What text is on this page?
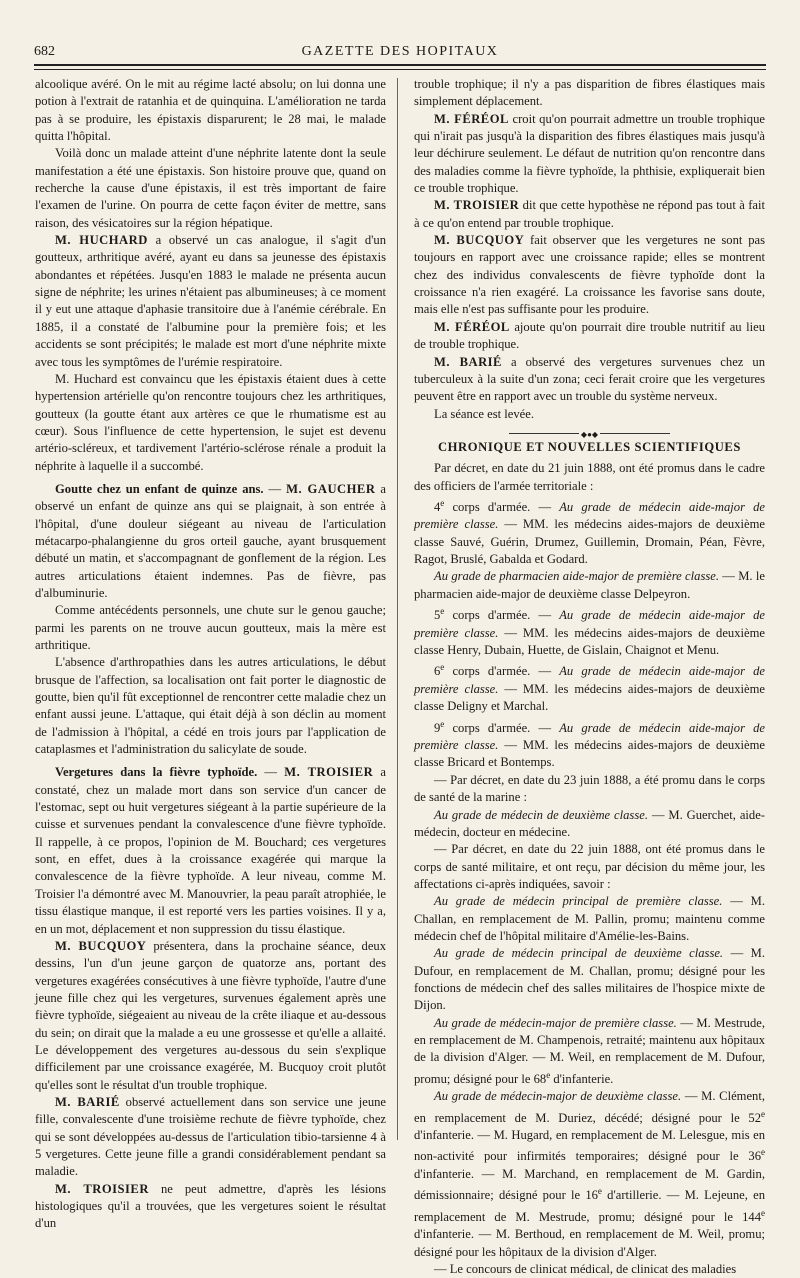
682	GAZETTE DES HOPITAUX

alcoolique avéré. On le mit au régime lacté absolu; on lui donna une potion à l'extrait de ratanhia et de quinquina. L'amélioration ne tarda pas à se produire, les épistaxis disparurent; le 28 mai, le malade quitta l'hôpital.

Voilà donc un malade atteint d'une néphrite latente dont la seule manifestation a été une épistaxis. Son histoire prouve que, quand on recherche la cause d'une épistaxis, il est très important de faire l'examen de l'urine. On pourra de cette façon éviter de mettre, sans raison, des vésicatoires sur la région hépatique.

M. HUCHARD a observé un cas analogue, il s'agit d'un goutteux, arthritique avéré, ayant eu dans sa jeunesse des épistaxis abondantes et répétées. Jusqu'en 1883 le malade ne présenta aucun signe de néphrite; les urines n'étaient pas albumineuses; à ce moment il y eut une attaque d'aphasie transitoire due à l'anémie cérébrale. En 1885, il a constaté de l'albumine pour la première fois; et les accidents se sont précipités; le malade est mort d'une néphrite mixte avec tous les symptômes de l'urémie respiratoire.

M. Huchard est convaincu que les épistaxis étaient dues à cette hypertension artérielle qu'on rencontre toujours chez les arthritiques, goutteux (la goutte étant aux artères ce que le rhumatisme est au cœur). Sous l'influence de cette hypertension, le sujet est devenu artério-scléreux, et tardivement l'artério-sclérose rénale a produit la néphrite à laquelle il a succombé.

Goutte chez un enfant de quinze ans. — M. GAUCHER a observé un enfant de quinze ans qui se plaignait, à son entrée à l'hôpital, d'une douleur siégeant au niveau de l'articulation métacarpo-phalangienne du gros orteil gauche, ayant brusquement débuté un matin, et s'accompagnant de gonflement de la région. Les autres articulations étaient indemnes. Pas de fièvre, pas d'albuminurie.

Comme antécédents personnels, une chute sur le genou gauche; parmi les parents on ne trouve aucun goutteux, mais la mère est arthritique.

L'absence d'arthropathies dans les autres articulations, le début brusque de l'affection, sa localisation ont fait porter le diagnostic de goutte, bien qu'il fût exceptionnel de rencontrer cette maladie chez un enfant aussi jeune. L'attaque, qui était déjà à son déclin au moment de l'admission à l'hôpital, a cédé en trois jours par l'application de cataplasmes et l'administration du salicylate de soude.

Vergetures dans la fièvre typhoïde. — M. TROISIER a constaté, chez un malade mort dans son service d'un cancer de l'estomac, sept ou huit vergetures siégeant à la partie supérieure de la cuisse et survenues pendant la convalescence d'une fièvre typhoïde. Il rappelle, à ce propos, l'opinion de M. Bouchard; ces vergetures sont, en effet, dues à la croissance exagérée qui marque la convalescence de la fièvre typhoïde. A leur niveau, comme M. Troisier l'a démontré avec M. Manouvrier, la peau paraît atrophiée, le tissu élastique manque, il est reporté vers les parties voisines. Il y a, en un mot, déplacement et non suppression du tissu élastique.

M. BUCQUOY présentera, dans la prochaine séance, deux dessins, l'un d'un jeune garçon de quatorze ans, portant des vergetures exagérées consécutives à une fièvre typhoïde, l'autre d'une jeune fille chez qui les vergetures, survenues également après une fièvre typhoïde, siégeaient au niveau de la crête iliaque et au-dessous du sein; on dirait que la malade a eu une grossesse et qu'elle a allaité. Le développement des vergetures au-dessous du sein s'explique difficilement par une croissance exagérée, M. Bucquoy croit plutôt qu'elles sont le résultat d'un trouble trophique.

M. BARIÉ observé actuellement dans son service une jeune fille, convalescente d'une troisième rechute de fièvre typhoïde, chez qui se sont développées au-dessus de l'articulation tibio-tarsienne 4 à 5 vergetures. Cette jeune fille a grandi considérablement pendant sa maladie.

M. TROISIER ne peut admettre, d'après les lésions histologiques qu'il a trouvées, que les vergetures soient le résultat d'un

trouble trophique; il n'y a pas disparition de fibres élastiques mais simplement déplacement.

M. FÉRÉOL croit qu'on pourrait admettre un trouble trophique qui n'irait pas jusqu'à la disparition des fibres élastiques mais jusqu'à leur déchirure seulement. Le défaut de nutrition qu'on rencontre dans des maladies comme la fièvre typhoïde, la phthisie, expliquerait bien ce trouble trophique.

M. TROISIER dit que cette hypothèse ne répond pas tout à fait à ce qu'on entend par trouble trophique.

M. BUCQUOY fait observer que les vergetures ne sont pas toujours en rapport avec une croissance rapide; elles se montrent chez des individus convalescents de fièvre typhoïde dont la croissance n'a rien exagéré. La croissance les favorise sans doute, mais elle n'est pas suffisante pour les produire.

M. FÉRÉOL ajoute qu'on pourrait dire trouble nutritif au lieu de trouble trophique.

M. BARIÉ a observé des vergetures survenues chez un tuberculeux à la suite d'un zona; ceci ferait croire que les vergetures peuvent être en rapport avec un trouble du système nerveux.

La séance est levée.

◆●◆
CHRONIQUE ET NOUVELLES SCIENTIFIQUES

Par décret, en date du 21 juin 1888, ont été promus dans le cadre des officiers de l'armée territoriale :

4e corps d'armée. — Au grade de médecin aide-major de première classe. — MM. les médecins aides-majors de deuxième classe Sauvé, Guérin, Drumez, Guillemin, Dromain, Péan, Fèvre, Ragot, Bruslé, Gabalda et Godard.

Au grade de pharmacien aide-major de première classe. — M. le pharmacien aide-major de deuxième classe Delpeyron.

5e corps d'armée. — Au grade de médecin aide-major de première classe. — MM. les médecins aides-majors de deuxième classe Henry, Dubain, Huette, de Gislain, Chaignot et Menu.

6e corps d'armée. — Au grade de médecin aide-major de première classe. — MM. les médecins aides-majors de deuxième classe Deligny et Marchal.

9e corps d'armée. — Au grade de médecin aide-major de première classe. — MM. les médecins aides-majors de deuxième classe Bricard et Bontemps.

— Par décret, en date du 23 juin 1888, a été promu dans le corps de santé de la marine :

Au grade de médecin de deuxième classe. — M. Guerchet, aide-médecin, docteur en médecine.

— Par décret, en date du 22 juin 1888, ont été promus dans le corps de santé militaire, et ont reçu, par décision du même jour, les affectations ci-après indiquées, savoir :

Au grade de médecin principal de première classe. — M. Challan, en remplacement de M. Pallin, promu; maintenu comme médecin chef de l'hôpital militaire d'Amélie-les-Bains.

Au grade de médecin principal de deuxième classe. — M. Dufour, en remplacement de M. Challan, promu; désigné pour les fonctions de médecin chef des salles militaires de l'hospice mixte de Dijon.

Au grade de médecin-major de première classe. — M. Mestrude, en remplacement de M. Champenois, retraité; maintenu aux hôpitaux de la division d'Alger. — M. Weil, en remplacement de M. Dufour, promu; désigné pour le 68e d'infanterie.

Au grade de médecin-major de deuxième classe. — M. Clément, en remplacement de M. Duriez, décédé; désigné pour le 52e d'infanterie. — M. Hugard, en remplacement de M. Lelesgue, mis en non-activité pour infirmités temporaires; désigné pour le 36e d'infanterie. — M. Marchand, en remplacement de M. Gardin, démissionnaire; désigné pour le 16e d'artillerie. — M. Lejeune, en remplacement de M. Mestrude, promu; désigné pour le 144e d'infanterie. — M. Berthoud, en remplacement de M. Weil, promu; désigné pour les hôpitaux de la division d'Alger.

— Le concours de clinicat médical, de clinicat des maladies
